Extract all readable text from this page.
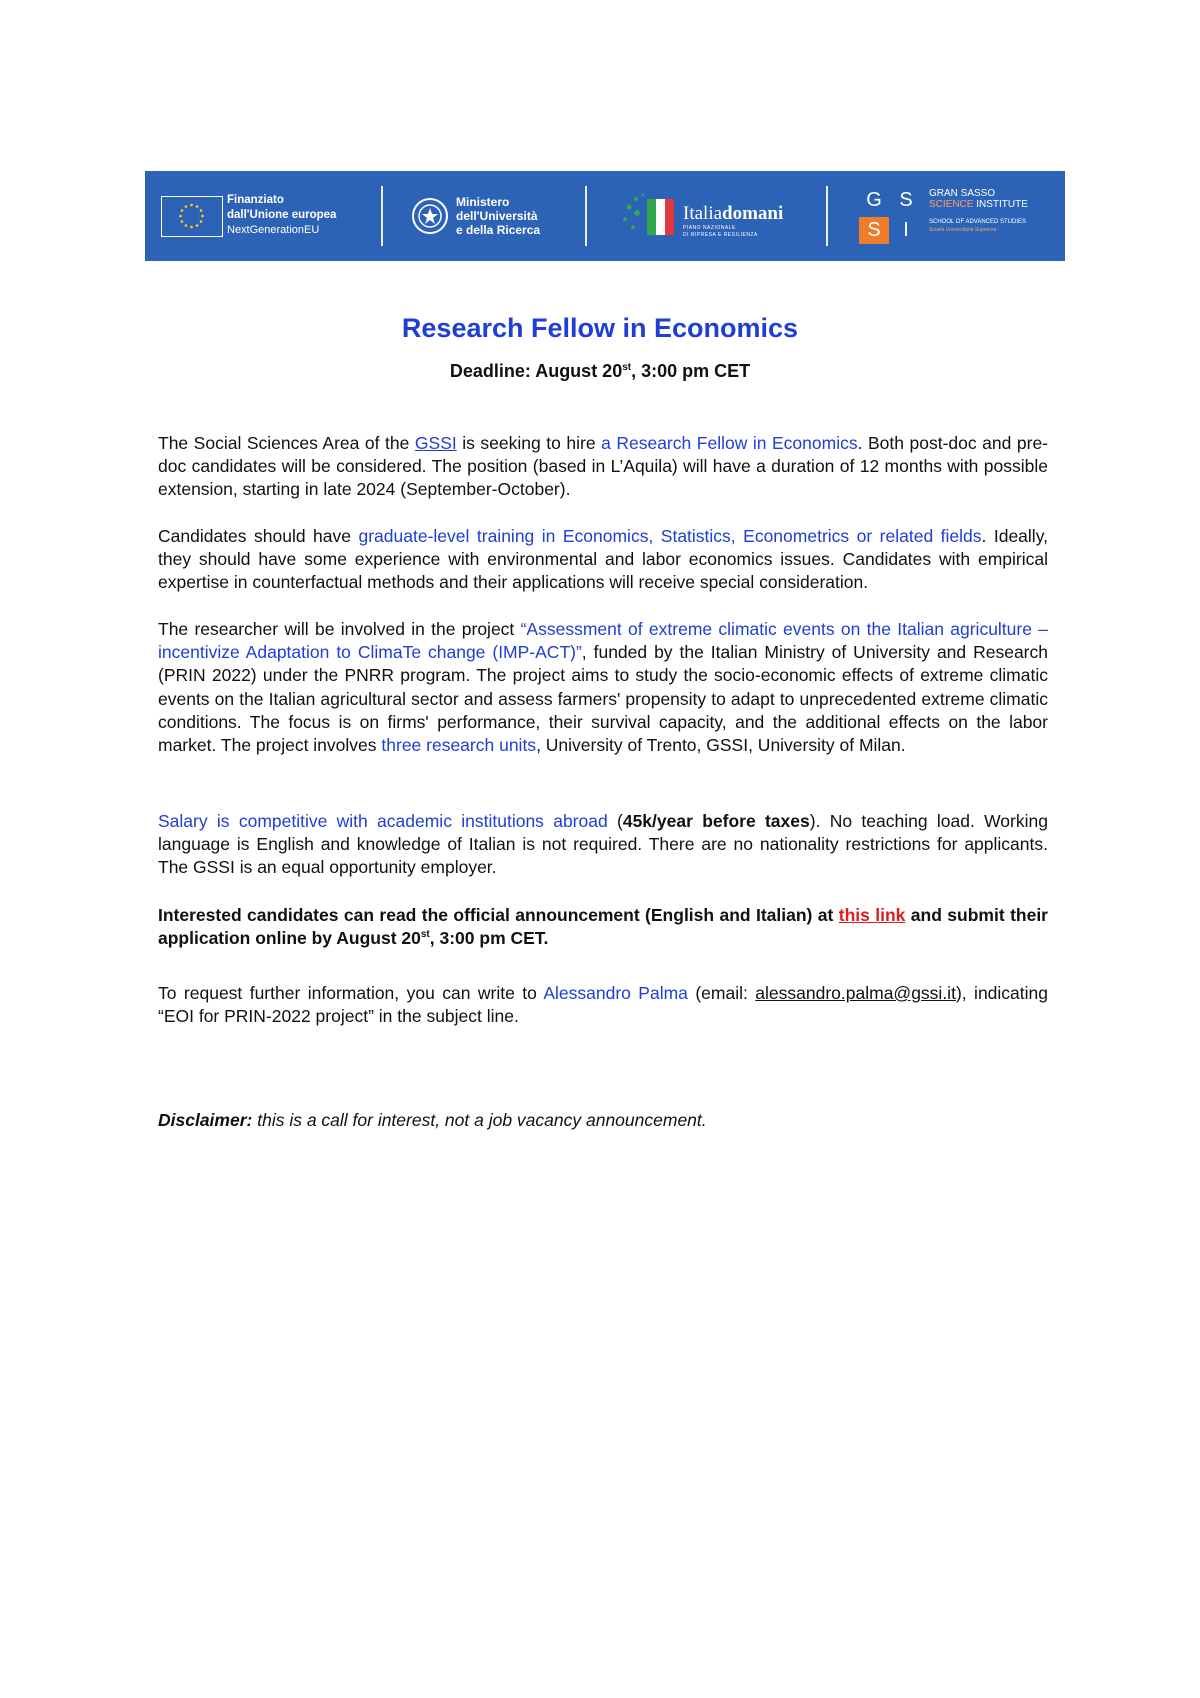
Finanziato
dall'Unione europea
NextGenerationEU
Ministero
dell'Università
e della Ricerca
Italiadomani
PIANO NAZIONALE
DI RIPRESA E RESILIENZA
G S
S	I
GRAN SASSO
SCIENCE INSTITUTE
SCHOOL OF ADVANCED STUDIES
Scuola Universitaria Superiore
Research Fellow in Economics
Deadline: August 20st, 3:00 pm CET
The Social Sciences Area of the GSSI is seeking to hire a Research Fellow in Economics. Both post-doc and pre-doc candidates will be considered. The position (based in L’Aquila) will have a duration of 12 months with possible extension, starting in late 2024 (September-October).
Candidates should have graduate-level training in Economics, Statistics, Econometrics or related fields. Ideally, they should have some experience with environmental and labor economics issues. Candidates with empirical expertise in counterfactual methods and their applications will receive special consideration.
The researcher will be involved in the project “Assessment of extreme climatic events on the Italian agriculture – incentivize Adaptation to ClimaTe change (IMP-ACT)”, funded by the Italian Ministry of University and Research (PRIN 2022) under the PNRR program. The project aims to study the socio-economic effects of extreme climatic events on the Italian agricultural sector and assess farmers' propensity to adapt to unprecedented extreme climatic conditions. The focus is on firms' performance, their survival capacity, and the additional effects on the labor market. The project involves three research units, University of Trento, GSSI, University of Milan.
Salary is competitive with academic institutions abroad (45k/year before taxes). No teaching load. Working language is English and knowledge of Italian is not required. There are no nationality restrictions for applicants. The GSSI is an equal opportunity employer.
Interested candidates can read the official announcement (English and Italian) at this link and submit their application online by August 20st, 3:00 pm CET.
To request further information, you can write to Alessandro Palma (email: alessandro.palma@gssi.it), indicating “EOI for PRIN-2022 project” in the subject line.
Disclaimer: this is a call for interest, not a job vacancy announcement.
